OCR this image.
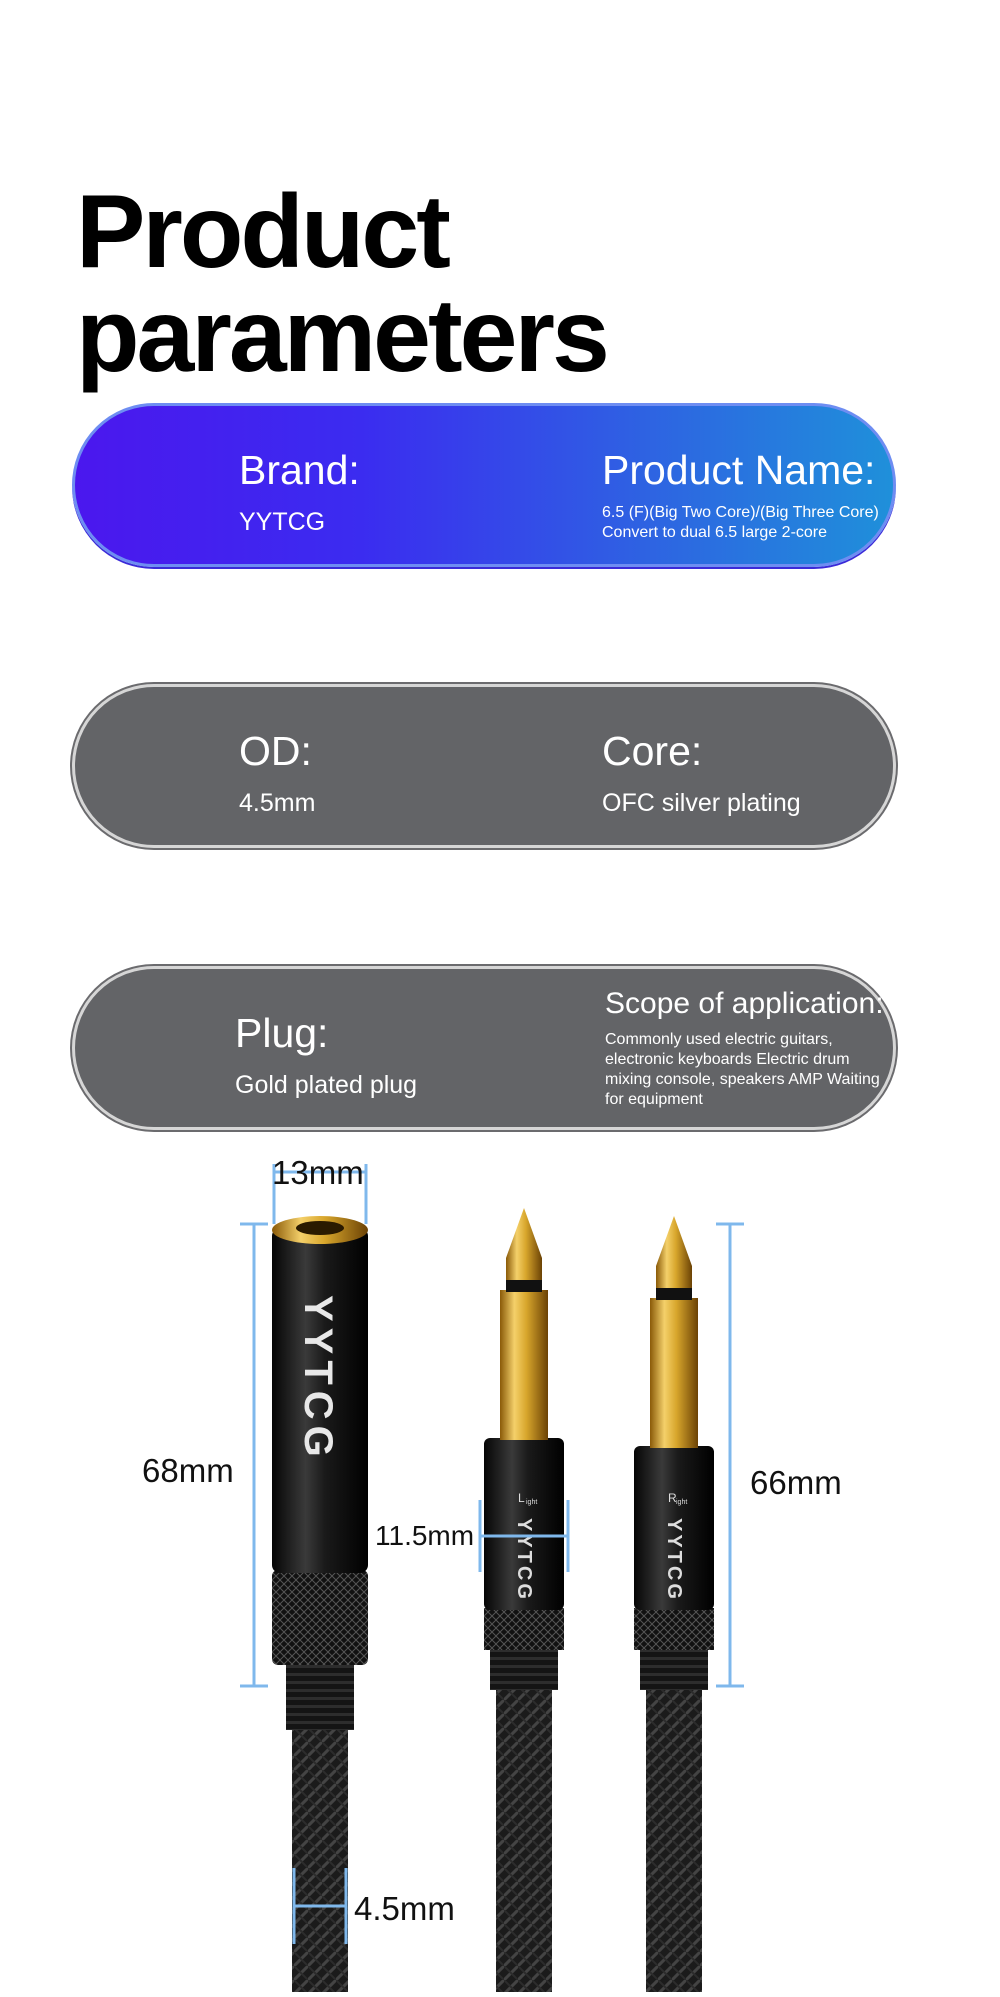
Product parameters
Brand:
YYTCG
Product Name:
6.5 (F)(Big Two Core)/(Big Three Core)
Convert to dual 6.5 large 2-core
OD:
4.5mm
Core:
OFC silver plating
Plug:
Gold plated plug
Scope of application:
Commonly used electric guitars,
electronic keyboards Electric drum
mixing console, speakers AMP Waiting
for equipment
YYTCG
L ight
YYTCG
R ight
YYTCG
13mm
68mm
11.5mm
66mm
4.5mm
